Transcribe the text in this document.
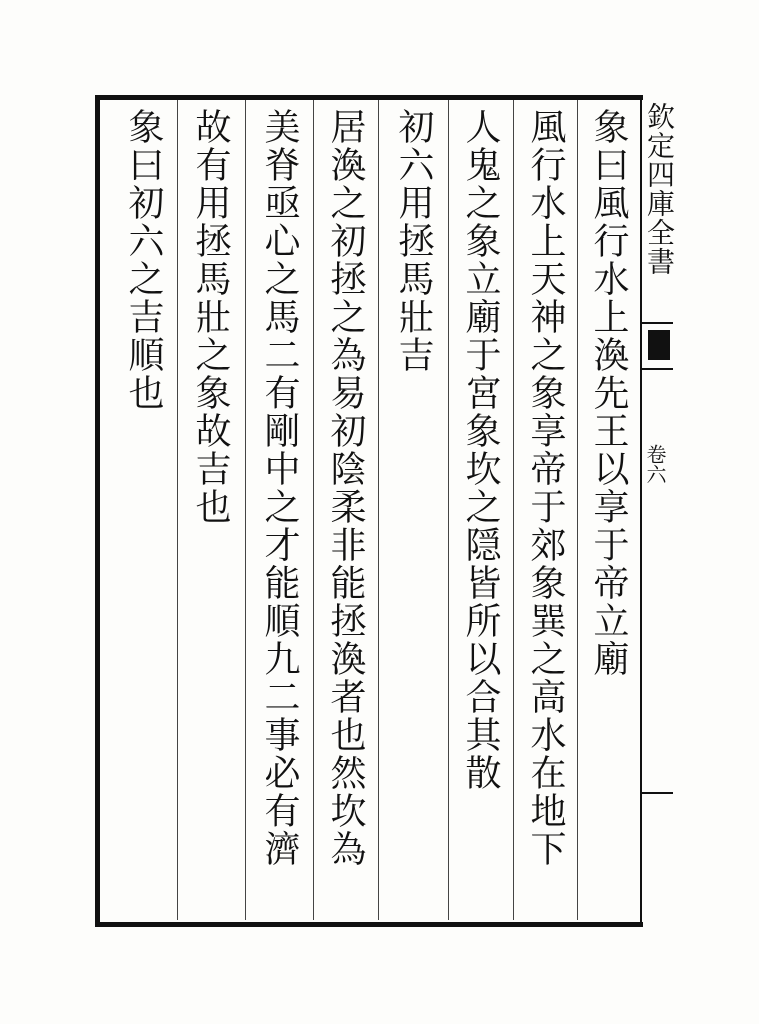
欽定四庫全書
卷六
象曰風行水上渙先王以享于帝立廟
風行水上天神之象享帝于郊象巽之高水在地下
人鬼之象立廟于宮象坎之隠皆所以合其散
初六用拯馬壯吉
居渙之初拯之為易初陰柔非能拯渙者也然坎為
美脊亟心之馬二有剛中之才能順九二事必有濟
故有用拯馬壯之象故吉也
象曰初六之吉順也
